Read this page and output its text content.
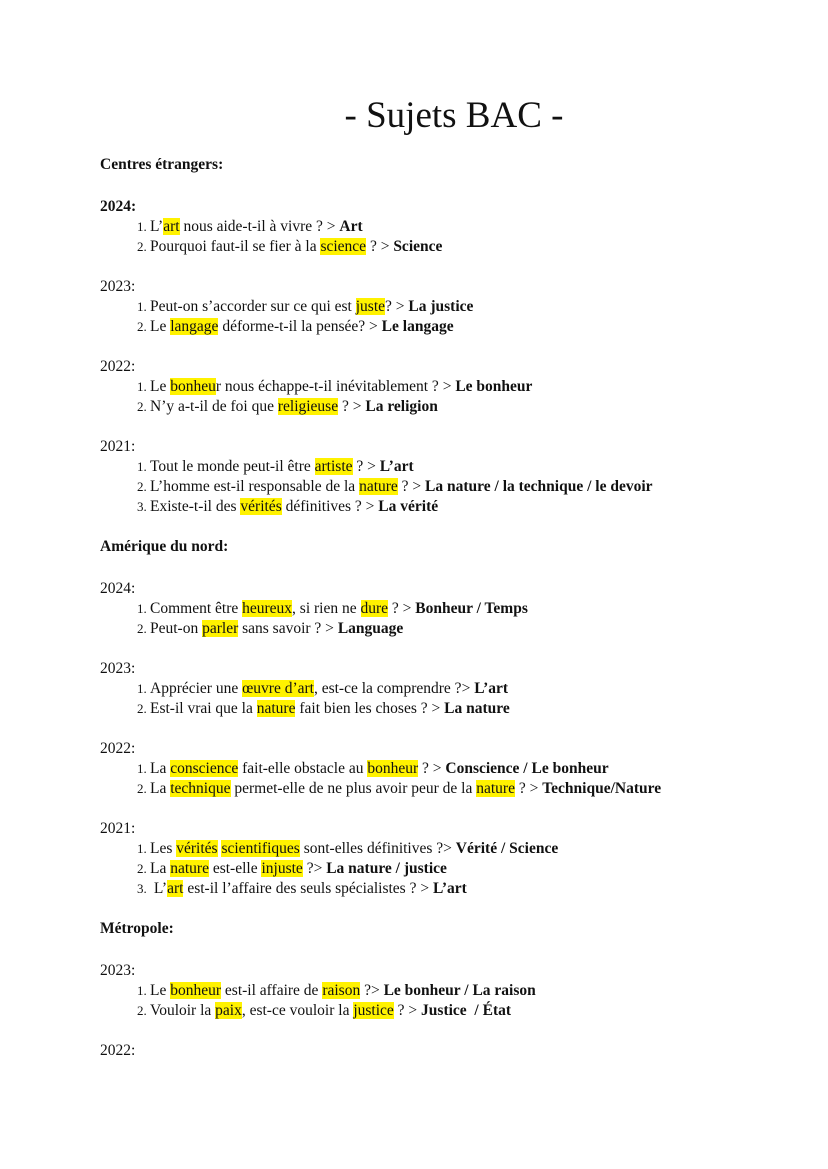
- Sujets BAC -

Centres étrangers:

2024:

1. L’art nous aide-t-il à vivre ? > Art
2. Pourquoi faut-il se fier à la science ? > Science

2023:

1. Peut-on s’accorder sur ce qui est juste? > La justice
2. Le langage déforme-t-il la pensée? > Le langage

2022:

1. Le bonheur nous échappe-t-il inévitablement ? > Le bonheur
2. N’y a-t-il de foi que religieuse ? > La religion

2021:

1. Tout le monde peut-il être artiste ? > L’art
2. L’homme est-il responsable de la nature ? > La nature / la technique / le devoir
3. Existe-t-il des vérités définitives ? > La vérité

Amérique du nord:

2024:

1. Comment être heureux, si rien ne dure ? > Bonheur / Temps
2. Peut-on parler sans savoir ? > Language

2023:

1. Apprécier une œuvre d’art, est-ce la comprendre ?> L’art
2. Est-il vrai que la nature fait bien les choses ? > La nature

2022:

1. La conscience fait-elle obstacle au bonheur ? > Conscience / Le bonheur
2. La technique permet-elle de ne plus avoir peur de la nature ? > Technique/Nature

2021:

1. Les vérités scientifiques sont-elles définitives ?> Vérité / Science
2. La nature est-elle injuste ?> La nature / justice
3.  L’art est-il l’affaire des seuls spécialistes ? > L’art

Métropole:

2023:

1. Le bonheur est-il affaire de raison ?> Le bonheur / La raison
2. Vouloir la paix, est-ce vouloir la justice ? > Justice  / État

2022:
